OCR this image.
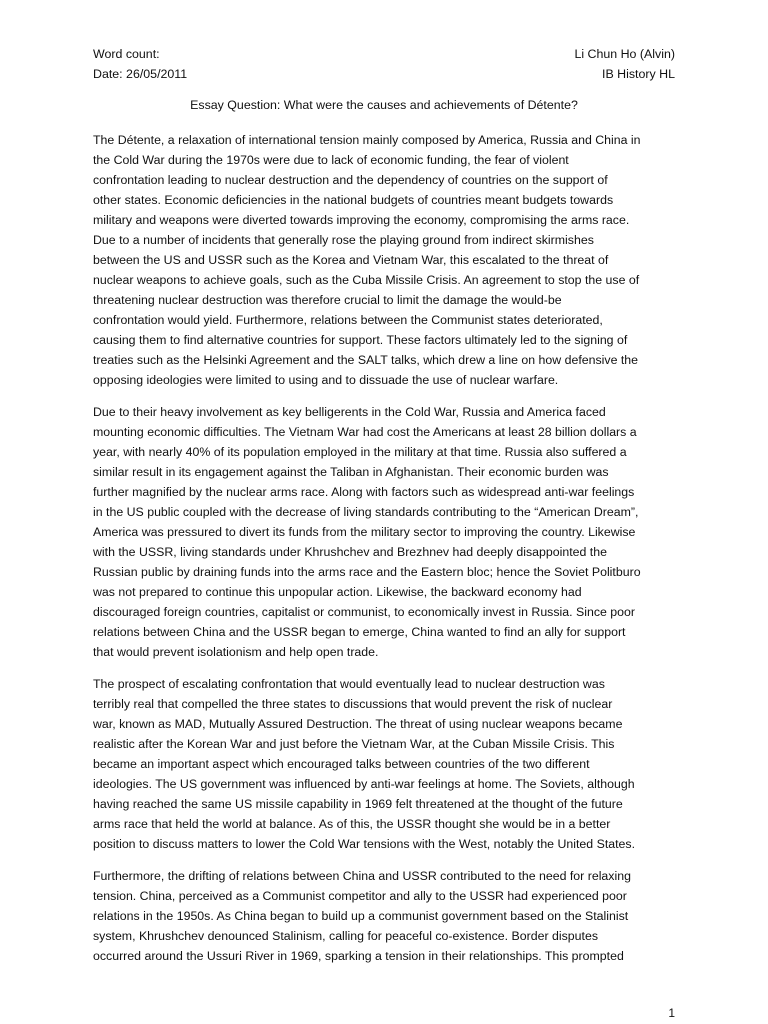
Word count:	Li Chun Ho (Alvin)
Date: 26/05/2011	IB History HL
Essay Question: What were the causes and achievements of Détente?
The Détente, a relaxation of international tension mainly composed by America, Russia and China in
the Cold War during the 1970s were due to lack of economic funding, the fear of violent
confrontation leading to nuclear destruction and the dependency of countries on the support of
other states. Economic deficiencies in the national budgets of countries meant budgets towards
military and weapons were diverted towards improving the economy, compromising the arms race.
Due to a number of incidents that generally rose the playing ground from indirect skirmishes
between the US and USSR such as the Korea and Vietnam War, this escalated to the threat of
nuclear weapons to achieve goals, such as the Cuba Missile Crisis. An agreement to stop the use of
threatening nuclear destruction was therefore crucial to limit the damage the would-be
confrontation would yield. Furthermore, relations between the Communist states deteriorated,
causing them to find alternative countries for support. These factors ultimately led to the signing of
treaties such as the Helsinki Agreement and the SALT talks, which drew a line on how defensive the
opposing ideologies were limited to using and to dissuade the use of nuclear warfare.
Due to their heavy involvement as key belligerents in the Cold War, Russia and America faced
mounting economic difficulties. The Vietnam War had cost the Americans at least 28 billion dollars a
year, with nearly 40% of its population employed in the military at that time. Russia also suffered a
similar result in its engagement against the Taliban in Afghanistan. Their economic burden was
further magnified by the nuclear arms race. Along with factors such as widespread anti-war feelings
in the US public coupled with the decrease of living standards contributing to the “American Dream”,
America was pressured to divert its funds from the military sector to improving the country. Likewise
with the USSR, living standards under Khrushchev and Brezhnev had deeply disappointed the
Russian public by draining funds into the arms race and the Eastern bloc; hence the Soviet Politburo
was not prepared to continue this unpopular action. Likewise, the backward economy had
discouraged foreign countries, capitalist or communist, to economically invest in Russia. Since poor
relations between China and the USSR began to emerge, China wanted to find an ally for support
that would prevent isolationism and help open trade.
The prospect of escalating confrontation that would eventually lead to nuclear destruction was
terribly real that compelled the three states to discussions that would prevent the risk of nuclear
war, known as MAD, Mutually Assured Destruction. The threat of using nuclear weapons became
realistic after the Korean War and just before the Vietnam War, at the Cuban Missile Crisis. This
became an important aspect which encouraged talks between countries of the two different
ideologies. The US government was influenced by anti-war feelings at home. The Soviets, although
having reached the same US missile capability in 1969 felt threatened at the thought of the future
arms race that held the world at balance. As of this, the USSR thought she would be in a better
position to discuss matters to lower the Cold War tensions with the West, notably the United States.
Furthermore, the drifting of relations between China and USSR contributed to the need for relaxing
tension. China, perceived as a Communist competitor and ally to the USSR had experienced poor
relations in the 1950s. As China began to build up a communist government based on the Stalinist
system, Khrushchev denounced Stalinism, calling for peaceful co-existence. Border disputes
occurred around the Ussuri River in 1969, sparking a tension in their relationships. This prompted
1
